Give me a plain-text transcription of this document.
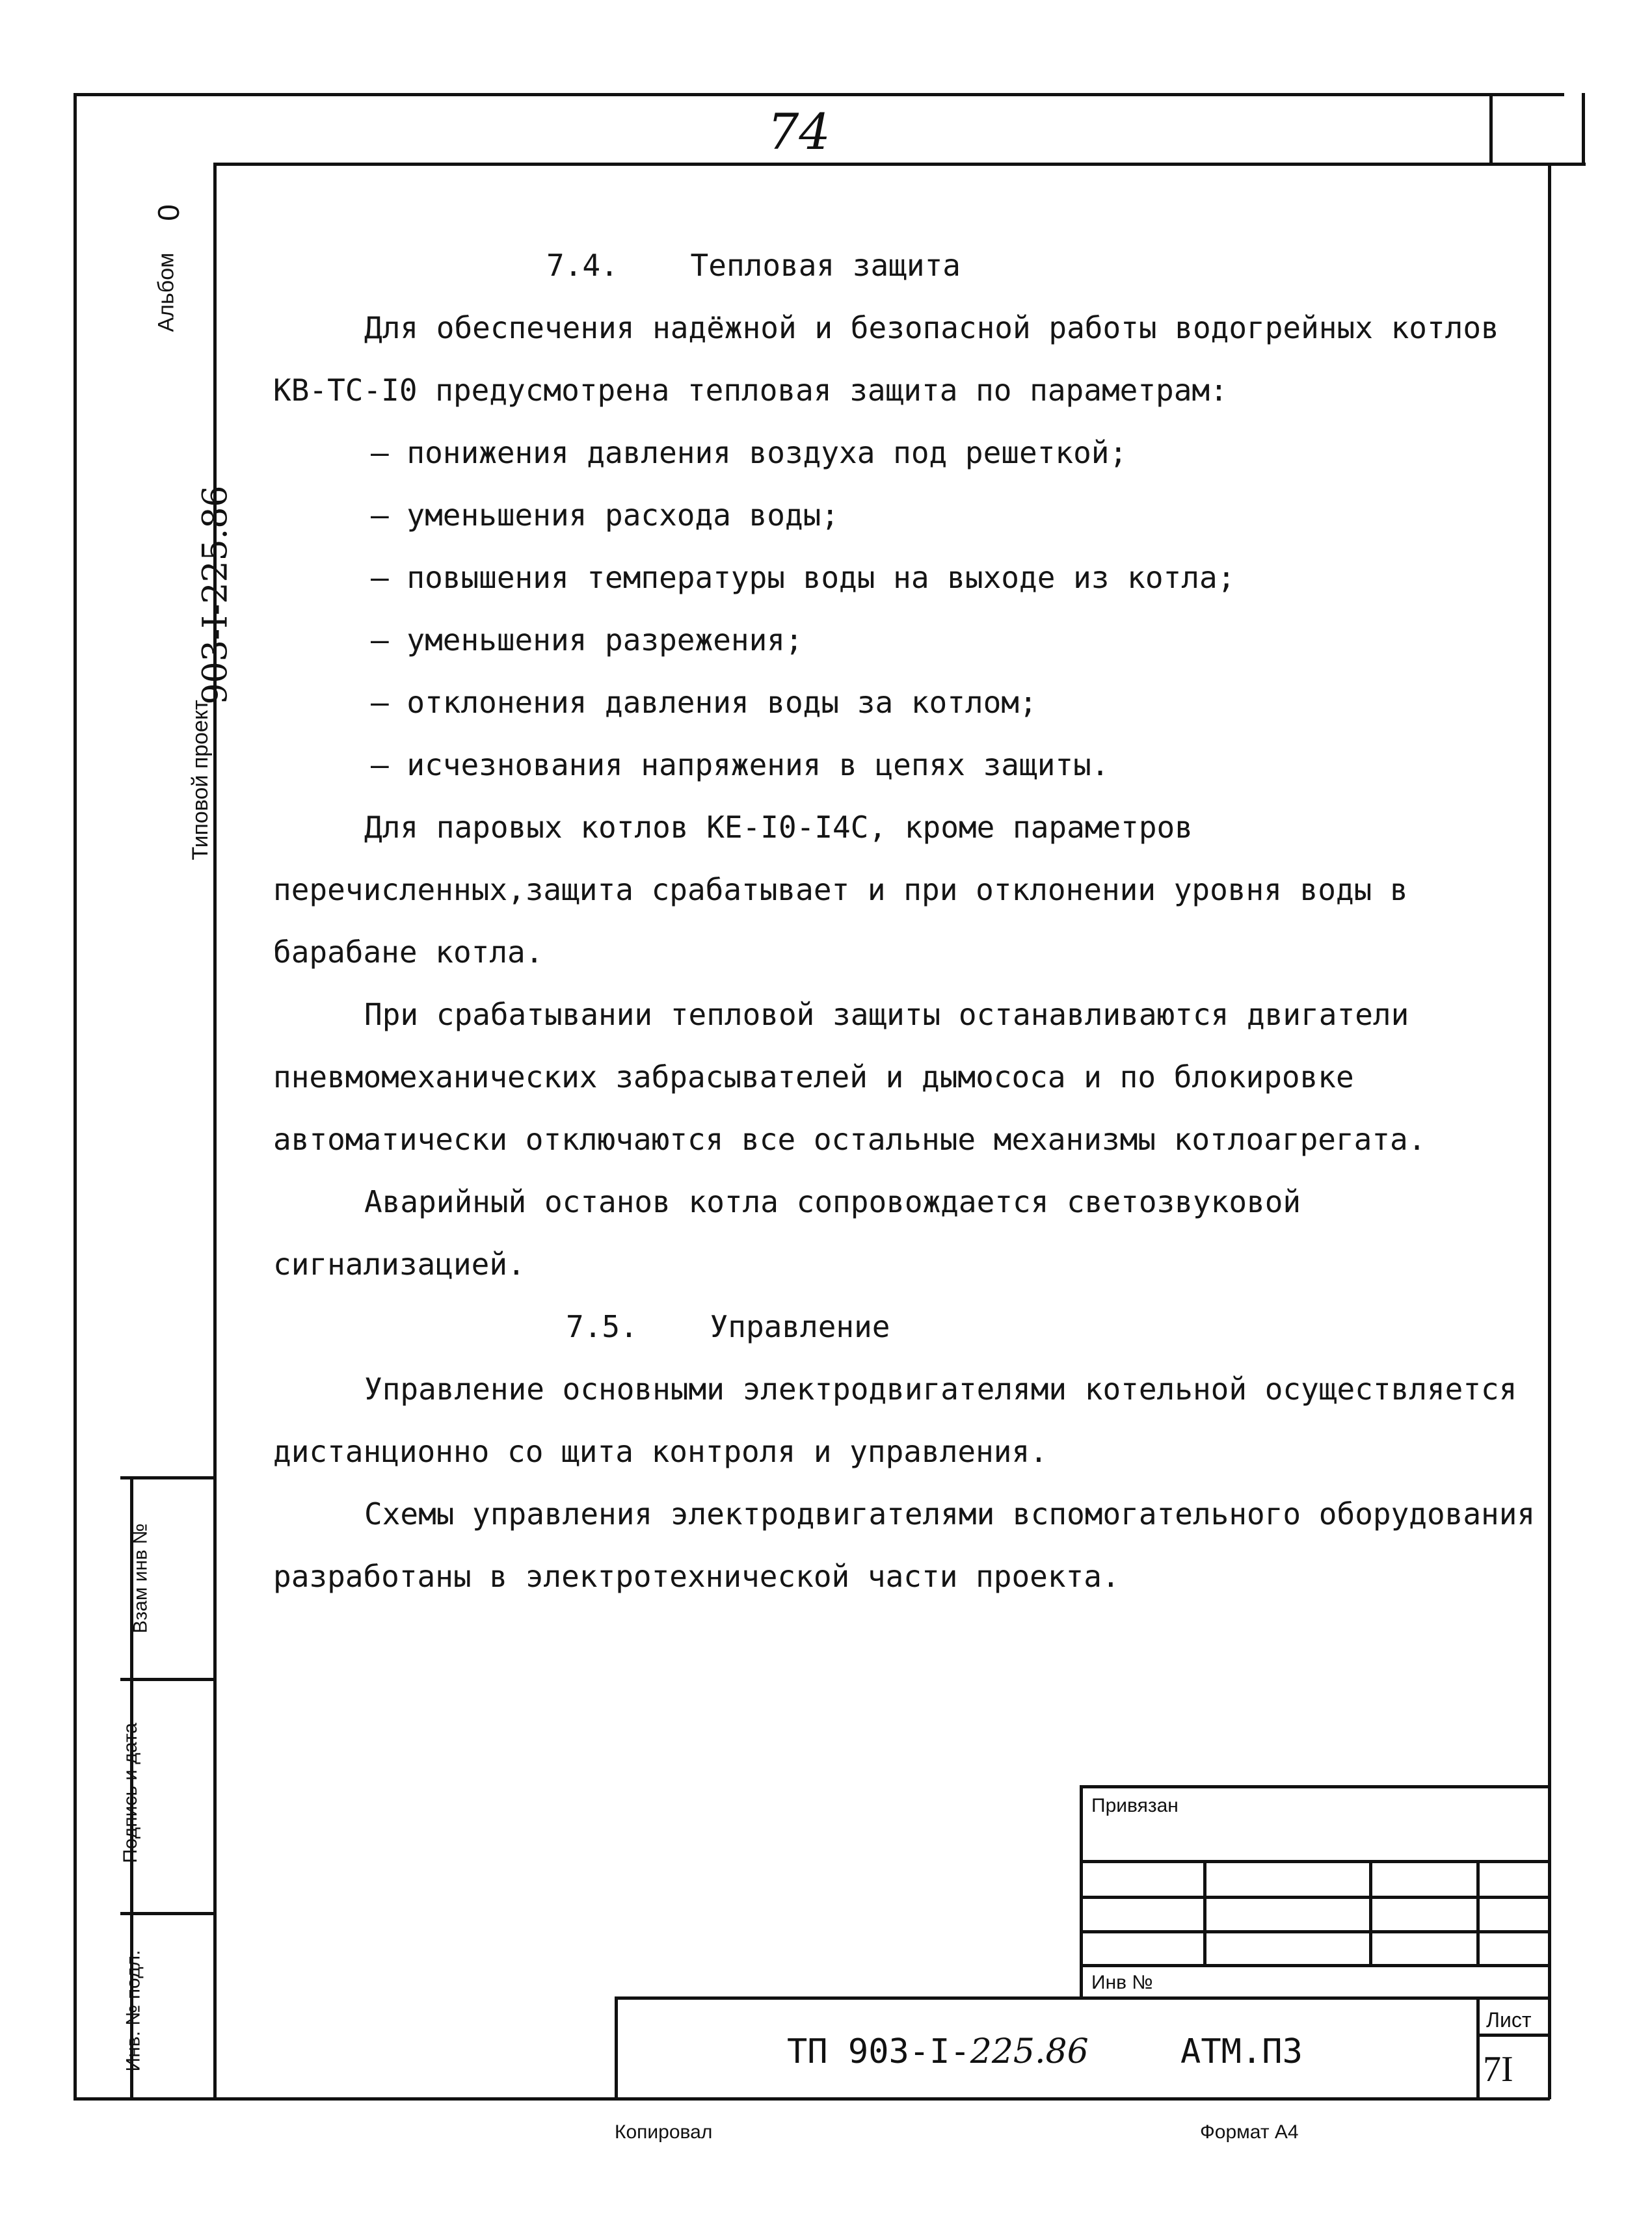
74
Альбом
0
Типовой проект
903-I-225.86
Взам инв №
Подпись и дата
Инв. № подл.

7.4.    Тепловая защита

Для обеспечения надёжной и безопасной работы водогрейных котлов КВ-ТС-I0 предусмотрена тепловая защита по параметрам:

– понижения давления воздуха под решеткой;

– уменьшения расхода воды;

– повышения температуры воды на выходе из котла;

– уменьшения разрежения;

– отклонения давления воды за котлом;

– исчезнования напряжения в цепях защиты.

Для паровых котлов КЕ-I0-I4С, кроме параметров перечисленных,защита срабатывает и при отклонении уровня воды в барабане котла.

При срабатывании тепловой защиты останавливаются двигатели пневмомеханических забрасывателей и дымососа и по блокировке автоматически отключаются все остальные механизмы котлоагрегата.

Аварийный останов котла сопровождается светозвуковой сигнализацией.

7.5.    Управление

Управление основными электродвигателями котельной осуществляется дистанционно со щита контроля и управления.

Схемы управления электродвигателями вспомогательного оборудования разработаны в электротехнической части проекта.

Привязан
Инв №
ТП 903-I-225.86	АТМ.ПЗ
Лист
7I
Копировал	Формат А4
